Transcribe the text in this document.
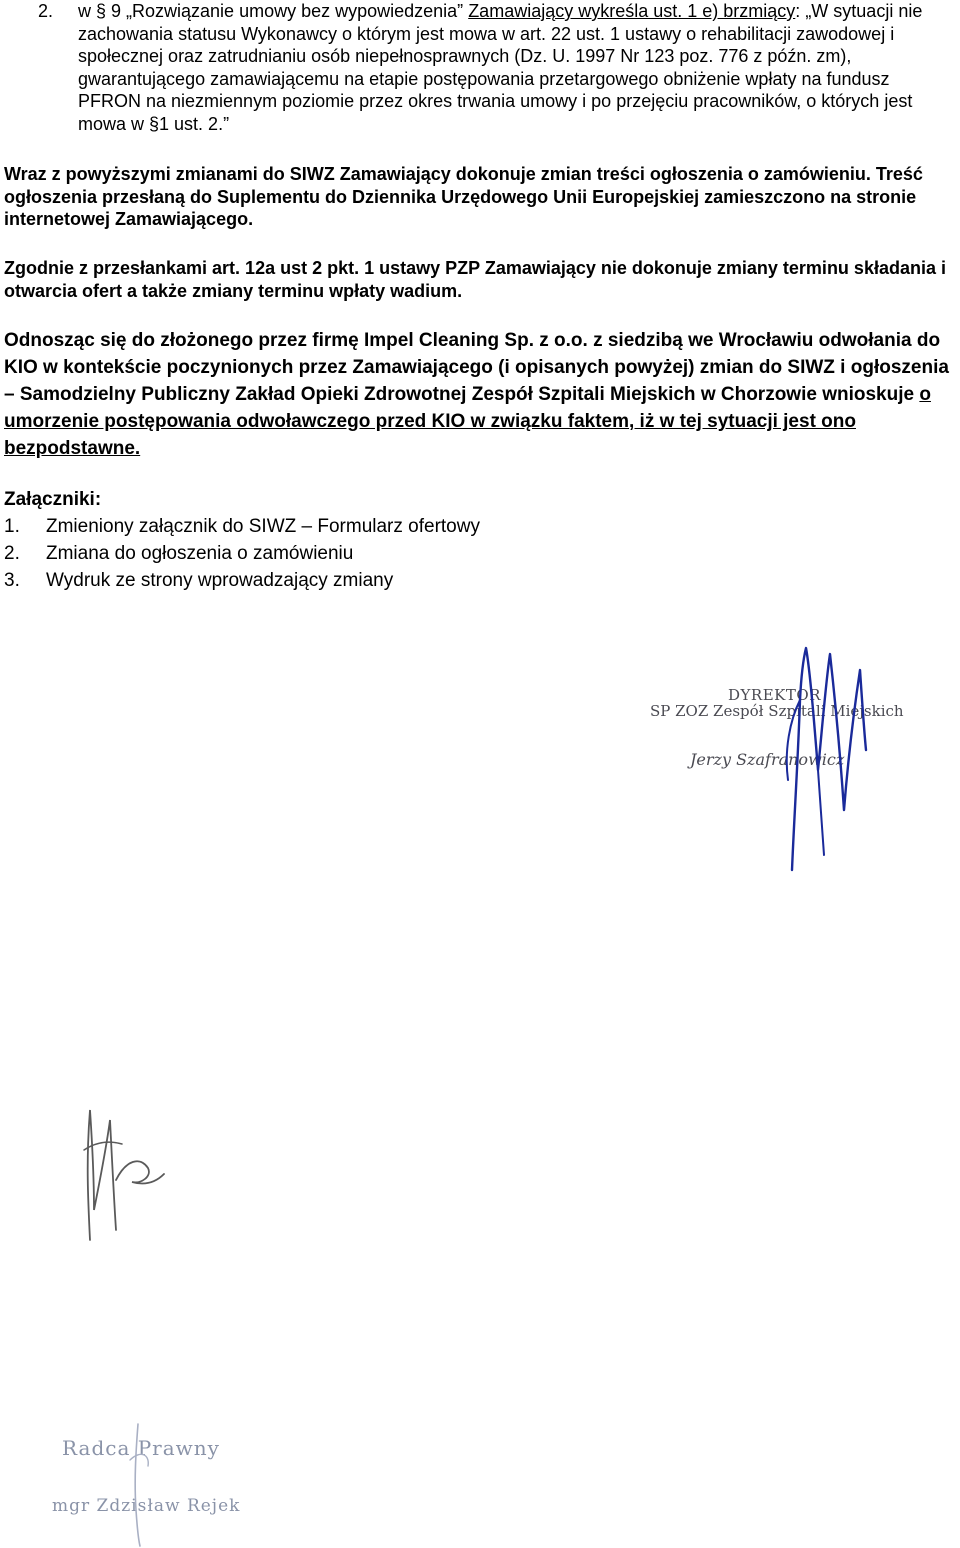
2. w § 9 „Rozwiązanie umowy bez wypowiedzenia” Zamawiający wykreśla ust. 1 e) brzmiący: „W sytuacji nie zachowania statusu Wykonawcy o którym jest mowa w art. 22 ust. 1 ustawy o rehabilitacji zawodowej i społecznej oraz zatrudnianiu osób niepełnosprawnych (Dz. U. 1997 Nr 123 poz. 776 z późn. zm), gwarantującego zamawiającemu na etapie postępowania przetargowego obniżenie wpłaty na fundusz PFRON na niezmiennym poziomie przez okres trwania umowy i po przejęciu pracowników, o których jest mowa w §1 ust. 2.”
Wraz z powyższymi zmianami do SIWZ Zamawiający dokonuje zmian treści ogłoszenia o zamówieniu. Treść ogłoszenia przesłaną do Suplementu do Dziennika Urzędowego Unii Europejskiej zamieszczono na stronie internetowej Zamawiającego.
Zgodnie z przesłankami art. 12a ust 2 pkt. 1 ustawy PZP Zamawiający nie dokonuje zmiany terminu składania i otwarcia ofert a także zmiany terminu wpłaty wadium.
Odnosząc się do złożonego przez firmę Impel Cleaning Sp. z o.o. z siedzibą we Wrocławiu odwołania do KIO w kontekście poczynionych przez Zamawiającego (i opisanych powyżej) zmian do SIWZ i ogłoszenia – Samodzielny Publiczny Zakład Opieki Zdrowotnej Zespół Szpitali Miejskich w Chorzowie wnioskuje o umorzenie postępowania odwoławczego przed KIO w związku faktem, iż w tej sytuacji jest ono bezpodstawne.
Załączniki:
1. Zmieniony załącznik do SIWZ – Formularz ofertowy
2. Zmiana do ogłoszenia o zamówieniu
3. Wydruk ze strony wprowadzający zmiany
DYREKTOR
SP ZOZ Zespół Szpitali Miejskich
Jerzy Szafranowicz
Radca Prawny
mgr Zdzisław Rejek
